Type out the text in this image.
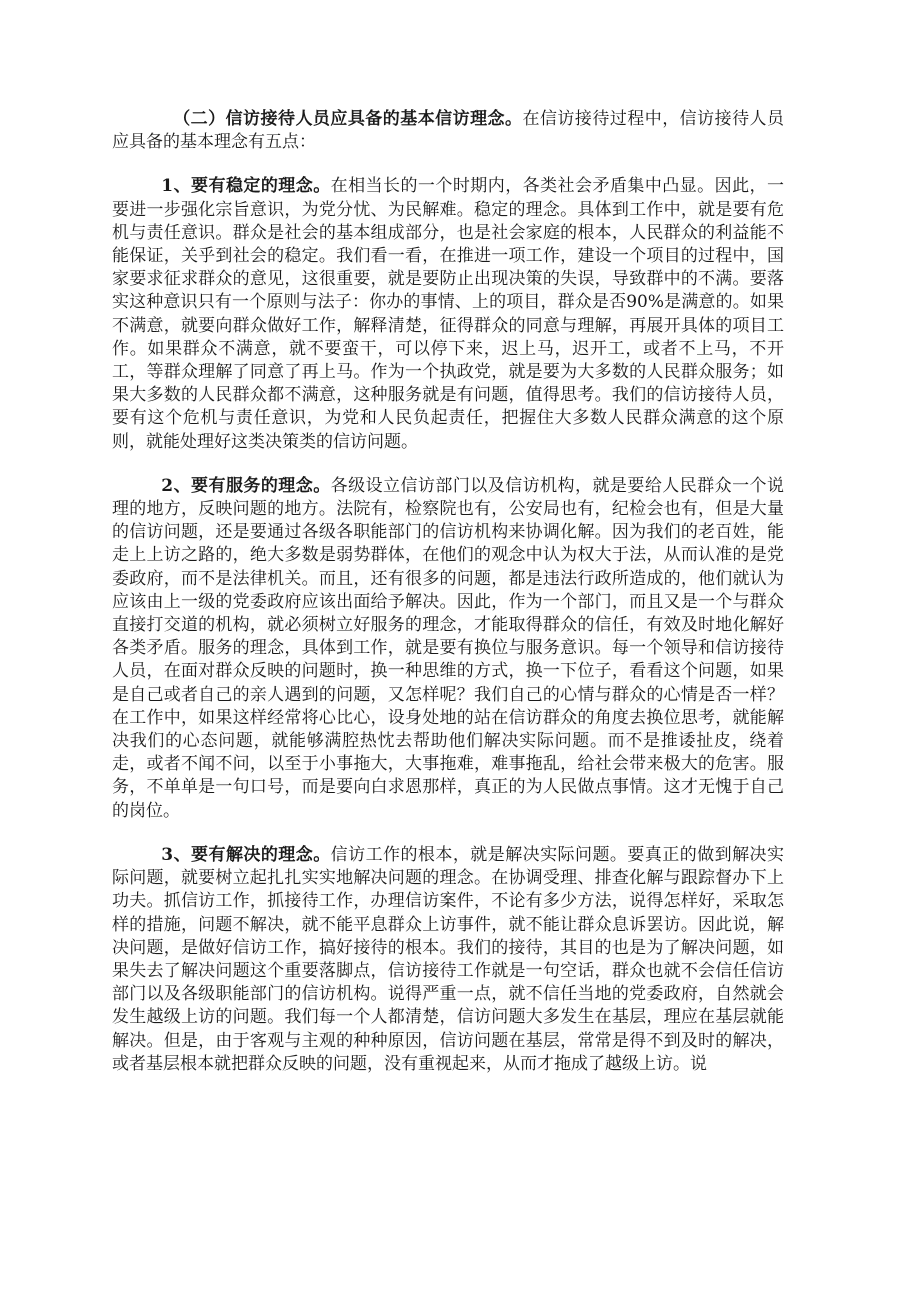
（二）信访接待人员应具备的基本信访理念。在信访接待过程中，信访接待人员应具备的基本理念有五点：

1、要有稳定的理念。在相当长的一个时期内，各类社会矛盾集中凸显。因此，一要进一步强化宗旨意识，为党分忧、为民解难。稳定的理念。具体到工作中，就是要有危机与责任意识。群众是社会的基本组成部分，也是社会家庭的根本，人民群众的利益能不能保证，关乎到社会的稳定。我们看一看，在推进一项工作，建设一个项目的过程中，国家要求征求群众的意见，这很重要，就是要防止出现决策的失误，导致群中的不满。要落实这种意识只有一个原则与法子：你办的事情、上的项目，群众是否90%是满意的。如果不满意，就要向群众做好工作，解释清楚，征得群众的同意与理解，再展开具体的项目工作。如果群众不满意，就不要蛮干，可以停下来，迟上马，迟开工，或者不上马，不开工，等群众理解了同意了再上马。作为一个执政党，就是要为大多数的人民群众服务；如果大多数的人民群众都不满意，这种服务就是有问题，值得思考。我们的信访接待人员，要有这个危机与责任意识，为党和人民负起责任，把握住大多数人民群众满意的这个原则，就能处理好这类决策类的信访问题。

2、要有服务的理念。各级设立信访部门以及信访机构，就是要给人民群众一个说理的地方，反映问题的地方。法院有，检察院也有，公安局也有，纪检会也有，但是大量的信访问题，还是要通过各级各职能部门的信访机构来协调化解。因为我们的老百姓，能走上上访之路的，绝大多数是弱势群体，在他们的观念中认为权大于法，从而认准的是党委政府，而不是法律机关。而且，还有很多的问题，都是违法行政所造成的，他们就认为应该由上一级的党委政府应该出面给予解决。因此，作为一个部门，而且又是一个与群众直接打交道的机构，就必须树立好服务的理念，才能取得群众的信任，有效及时地化解好各类矛盾。服务的理念，具体到工作，就是要有换位与服务意识。每一个领导和信访接待人员，在面对群众反映的问题时，换一种思维的方式，换一下位子，看看这个问题，如果是自己或者自己的亲人遇到的问题，又怎样呢？我们自己的心情与群众的心情是否一样？在工作中，如果这样经常将心比心，设身处地的站在信访群众的角度去换位思考，就能解决我们的心态问题，就能够满腔热忱去帮助他们解决实际问题。而不是推诿扯皮，绕着走，或者不闻不问，以至于小事拖大，大事拖难，难事拖乱，给社会带来极大的危害。服务，不单单是一句口号，而是要向白求恩那样，真正的为人民做点事情。这才无愧于自己的岗位。

3、要有解决的理念。信访工作的根本，就是解决实际问题。要真正的做到解决实际问题，就要树立起扎扎实实地解决问题的理念。在协调受理、排查化解与跟踪督办下上功夫。抓信访工作，抓接待工作，办理信访案件，不论有多少方法，说得怎样好，采取怎样的措施，问题不解决，就不能平息群众上访事件，就不能让群众息诉罢访。因此说，解决问题，是做好信访工作，搞好接待的根本。我们的接待，其目的也是为了解决问题，如果失去了解决问题这个重要落脚点，信访接待工作就是一句空话，群众也就不会信任信访部门以及各级职能部门的信访机构。说得严重一点，就不信任当地的党委政府，自然就会发生越级上访的问题。我们每一个人都清楚，信访问题大多发生在基层，理应在基层就能解决。但是，由于客观与主观的种种原因，信访问题在基层，常常是得不到及时的解决，或者基层根本就把群众反映的问题，没有重视起来，从而才拖成了越级上访。说
